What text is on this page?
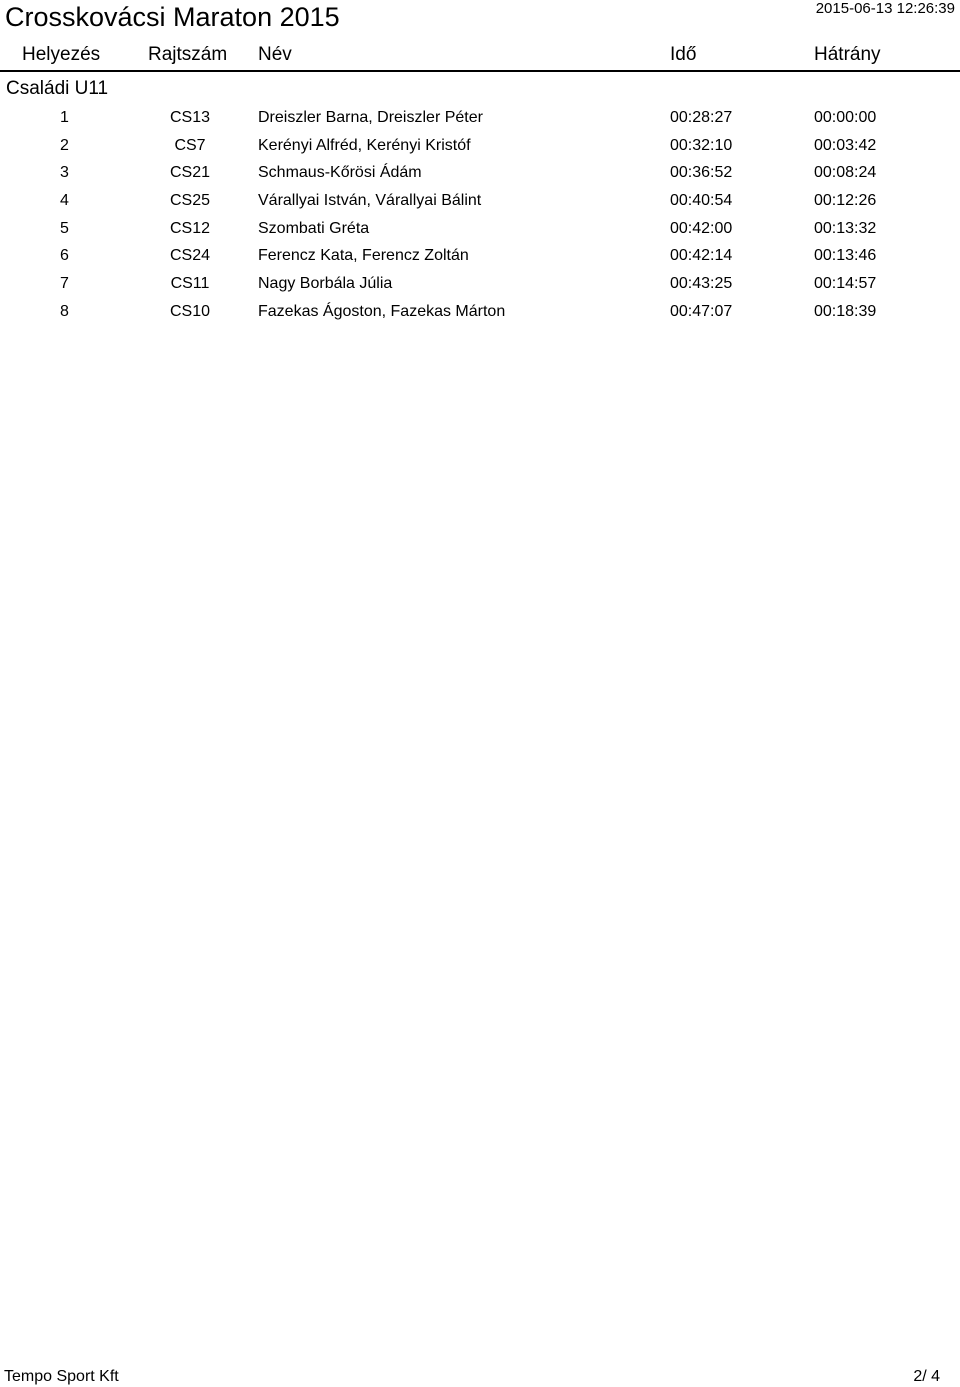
Crosskovácsi Maraton 2015	2015-06-13 12:26:39
Helyezés	Rajtszám Név	Idő	Hátrány
Családi U11
1	CS13	Dreiszler Barna, Dreiszler Péter	00:28:27	00:00:00
2	CS7	Kerényi Alfréd, Kerényi Kristóf	00:32:10	00:03:42
3	CS21	Schmaus-Kőrösi Ádám	00:36:52	00:08:24
4	CS25	Várallyai István, Várallyai Bálint	00:40:54	00:12:26
5	CS12	Szombati Gréta	00:42:00	00:13:32
6	CS24	Ferencz Kata, Ferencz Zoltán	00:42:14	00:13:46
7	CS11	Nagy Borbála Júlia	00:43:25	00:14:57
8	CS10	Fazekas Ágoston, Fazekas Márton	00:47:07	00:18:39
Tempo Sport Kft	2/ 4
